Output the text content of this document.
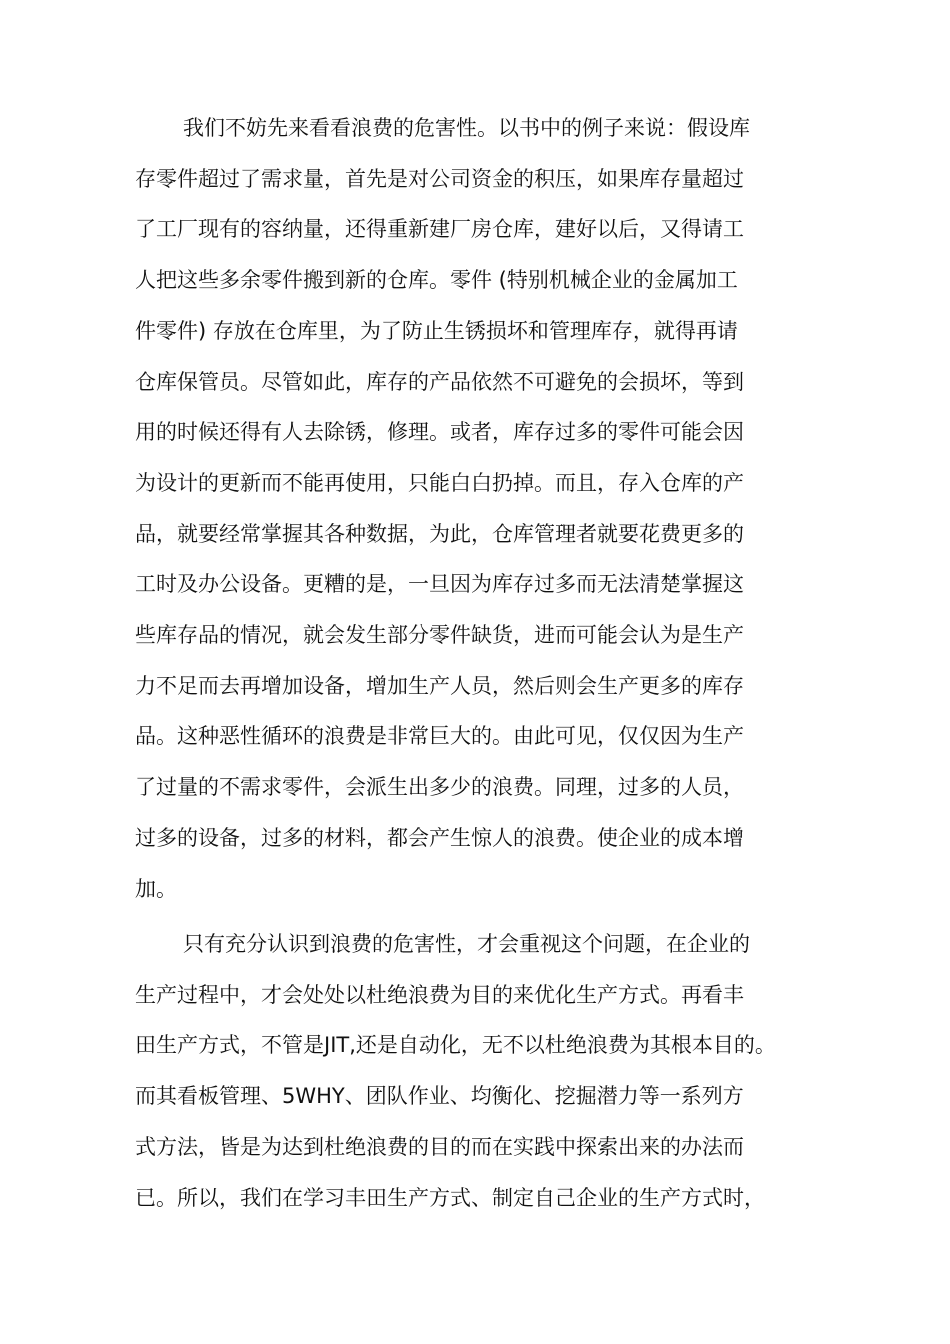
我们不妨先来看看浪费的危害性。以书中的例子来说：假设库
存零件超过了需求量，首先是对公司资金的积压，如果库存量超过
了工厂现有的容纳量，还得重新建厂房仓库，建好以后，又得请工
人把这些多余零件搬到新的仓库。零件 (特别机械企业的金属加工
件零件) 存放在仓库里，为了防止生锈损坏和管理库存，就得再请
仓库保管员。尽管如此，库存的产品依然不可避免的会损坏，等到
用的时候还得有人去除锈，修理。或者，库存过多的零件可能会因
为设计的更新而不能再使用，只能白白扔掉。而且，存入仓库的产
品，就要经常掌握其各种数据，为此，仓库管理者就要花费更多的
工时及办公设备。更糟的是，一旦因为库存过多而无法清楚掌握这
些库存品的情况，就会发生部分零件缺货，进而可能会认为是生产
力不足而去再增加设备，增加生产人员，然后则会生产更多的库存
品。这种恶性循环的浪费是非常巨大的。由此可见，仅仅因为生产
了过量的不需求零件，会派生出多少的浪费。同理，过多的人员，
过多的设备，过多的材料，都会产生惊人的浪费。使企业的成本增
加。
只有充分认识到浪费的危害性，才会重视这个问题，在企业的
生产过程中，才会处处以杜绝浪费为目的来优化生产方式。再看丰
田生产方式，不管是JIT,还是自动化，无不以杜绝浪费为其根本目的。
而其看板管理、5WHY、团队作业、均衡化、挖掘潜力等一系列方
式方法，皆是为达到杜绝浪费的目的而在实践中探索出来的办法而
已。所以，我们在学习丰田生产方式、制定自己企业的生产方式时，
